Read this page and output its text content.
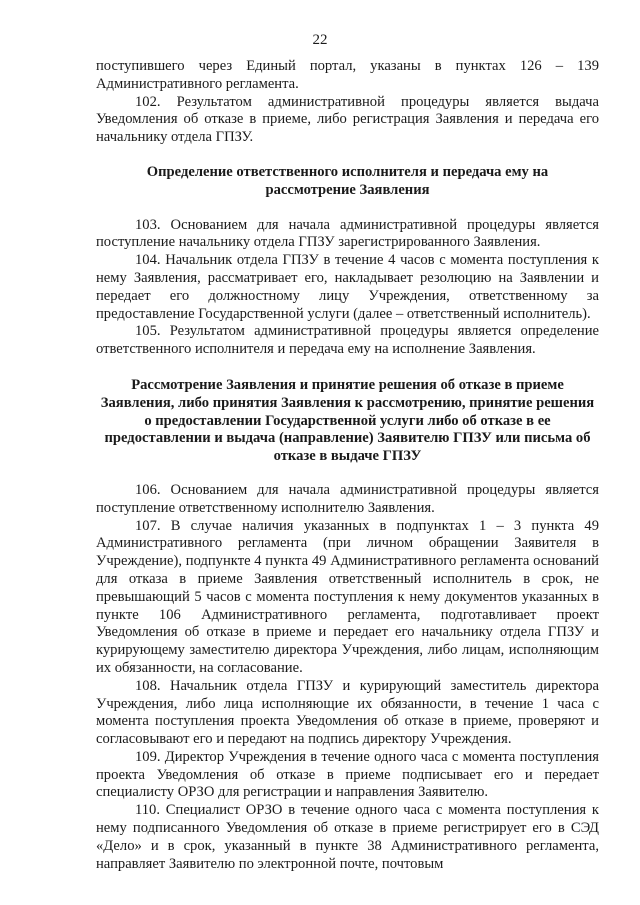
22

поступившего через Единый портал, указаны в пунктах 126 – 139 Административного регламента.

102. Результатом административной процедуры является выдача Уведомления об отказе в приеме, либо регистрация Заявления и передача его начальнику отдела ГПЗУ.

Определение ответственного исполнителя и передача ему на рассмотрение Заявления

103. Основанием для начала административной процедуры является поступление начальнику отдела ГПЗУ зарегистрированного Заявления.

104. Начальник отдела ГПЗУ в течение 4 часов с момента поступления к нему Заявления, рассматривает его, накладывает резолюцию на Заявлении и передает его должностному лицу Учреждения, ответственному за предоставление Государственной услуги (далее – ответственный исполнитель).

105. Результатом административной процедуры является определение ответственного исполнителя и передача ему на исполнение Заявления.

Рассмотрение Заявления и принятие решения об отказе в приеме Заявления, либо принятия Заявления к рассмотрению, принятие решения о предоставлении Государственной услуги либо об отказе в ее предоставлении и выдача (направление) Заявителю ГПЗУ или письма об отказе в выдаче ГПЗУ

106. Основанием для начала административной процедуры является поступление ответственному исполнителю Заявления.

107. В случае наличия указанных в подпунктах 1 – 3 пункта 49 Административного регламента (при личном обращении Заявителя в Учреждение), подпункте 4 пункта 49 Административного регламента оснований для отказа в приеме Заявления ответственный исполнитель в срок, не превышающий 5 часов с момента поступления к нему документов указанных в пункте 106 Административного регламента, подготавливает проект Уведомления об отказе в приеме и передает его начальнику отдела ГПЗУ и курирующему заместителю директора Учреждения, либо лицам, исполняющим их обязанности, на согласование.

108. Начальник отдела ГПЗУ и курирующий заместитель директора Учреждения, либо лица исполняющие их обязанности, в течение 1 часа с момента поступления проекта Уведомления об отказе в приеме, проверяют и согласовывают его и передают на подпись директору Учреждения.

109. Директор Учреждения в течение одного часа с момента поступления проекта Уведомления об отказе в приеме подписывает его и передает специалисту ОРЗО для регистрации и направления Заявителю.

110. Специалист ОРЗО в течение одного часа с момента поступления к нему подписанного Уведомления об отказе в приеме регистрирует его в СЭД «Дело» и в срок, указанный в пункте 38 Административного регламента, направляет Заявителю по электронной почте, почтовым
